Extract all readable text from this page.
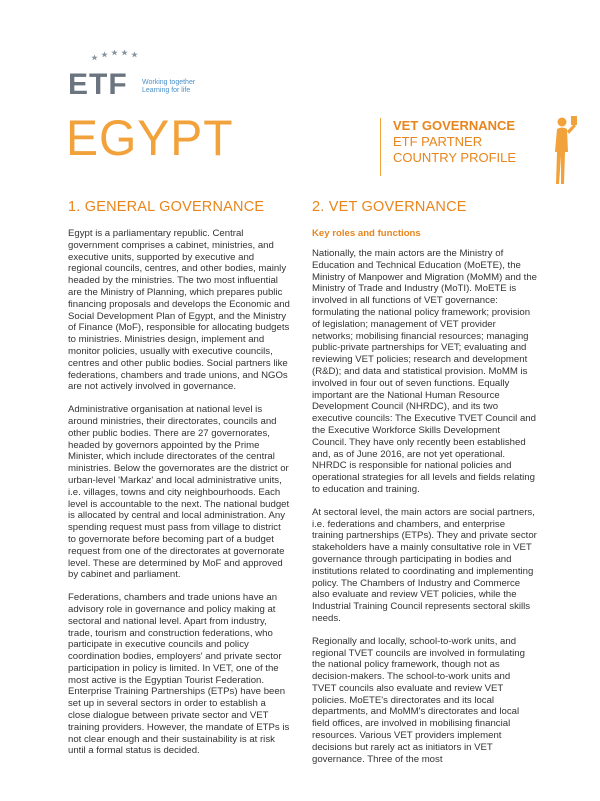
ETF Working together
Learning for life
EGYPT	VET GOVERNANCE
ETF PARTNER
COUNTRY PROFILE
1. GENERAL GOVERNANCE

Egypt is a parliamentary republic. Central government comprises a cabinet, ministries, and executive units, supported by executive and regional councils, centres, and other bodies, mainly headed by the ministries. The two most influential are the Ministry of Planning, which prepares public financing proposals and develops the Economic and Social Development Plan of Egypt, and the Ministry of Finance (MoF), responsible for allocating budgets to ministries. Ministries design, implement and monitor policies, usually with executive councils, centres and other public bodies. Social partners like federations, chambers and trade unions, and NGOs are not actively involved in governance.

Administrative organisation at national level is around ministries, their directorates, councils and other public bodies. There are 27 governorates, headed by governors appointed by the Prime Minister, which include directorates of the central ministries. Below the governorates are the district or urban-level 'Markaz' and local administrative units, i.e. villages, towns and city neighbourhoods. Each level is accountable to the next. The national budget is allocated by central and local administration. Any spending request must pass from village to district to governorate before becoming part of a budget request from one of the directorates at governorate level. These are determined by MoF and approved by cabinet and parliament.

Federations, chambers and trade unions have an advisory role in governance and policy making at sectoral and national level. Apart from industry, trade, tourism and construction federations, who participate in executive councils and policy coordination bodies, employers' and private sector participation in policy is limited. In VET, one of the most active is the Egyptian Tourist Federation. Enterprise Training Partnerships (ETPs) have been set up in several sectors in order to establish a close dialogue between private sector and VET training providers. However, the mandate of ETPs is not clear enough and their sustainability is at risk until a formal status is decided.

2. VET GOVERNANCE
Key roles and functions

Nationally, the main actors are the Ministry of Education and Technical Education (MoETE), the Ministry of Manpower and Migration (MoMM) and the Ministry of Trade and Industry (MoTI). MoETE is involved in all functions of VET governance: formulating the national policy framework; provision of legislation; management of VET provider networks; mobilising financial resources; managing public-private partnerships for VET; evaluating and reviewing VET policies; research and development (R&D); and data and statistical provision. MoMM is involved in four out of seven functions. Equally important are the National Human Resource Development Council (NHRDC), and its two executive councils: The Executive TVET Council and the Executive Workforce Skills Development Council. They have only recently been established and, as of June 2016, are not yet operational. NHRDC is responsible for national policies and operational strategies for all levels and fields relating to education and training.

At sectoral level, the main actors are social partners, i.e. federations and chambers, and enterprise training partnerships (ETPs). They and private sector stakeholders have a mainly consultative role in VET governance through participating in bodies and institutions related to coordinating and implementing policy. The Chambers of Industry and Commerce also evaluate and review VET policies, while the Industrial Training Council represents sectoral skills needs.

Regionally and locally, school-to-work units, and regional TVET councils are involved in formulating the national policy framework, though not as decision-makers. The school-to-work units and TVET councils also evaluate and review VET policies. MoETE's directorates and its local departments, and MoMM's directorates and local field offices, are involved in mobilising financial resources. Various VET providers implement decisions but rarely act as initiators in VET governance. Three of the most
